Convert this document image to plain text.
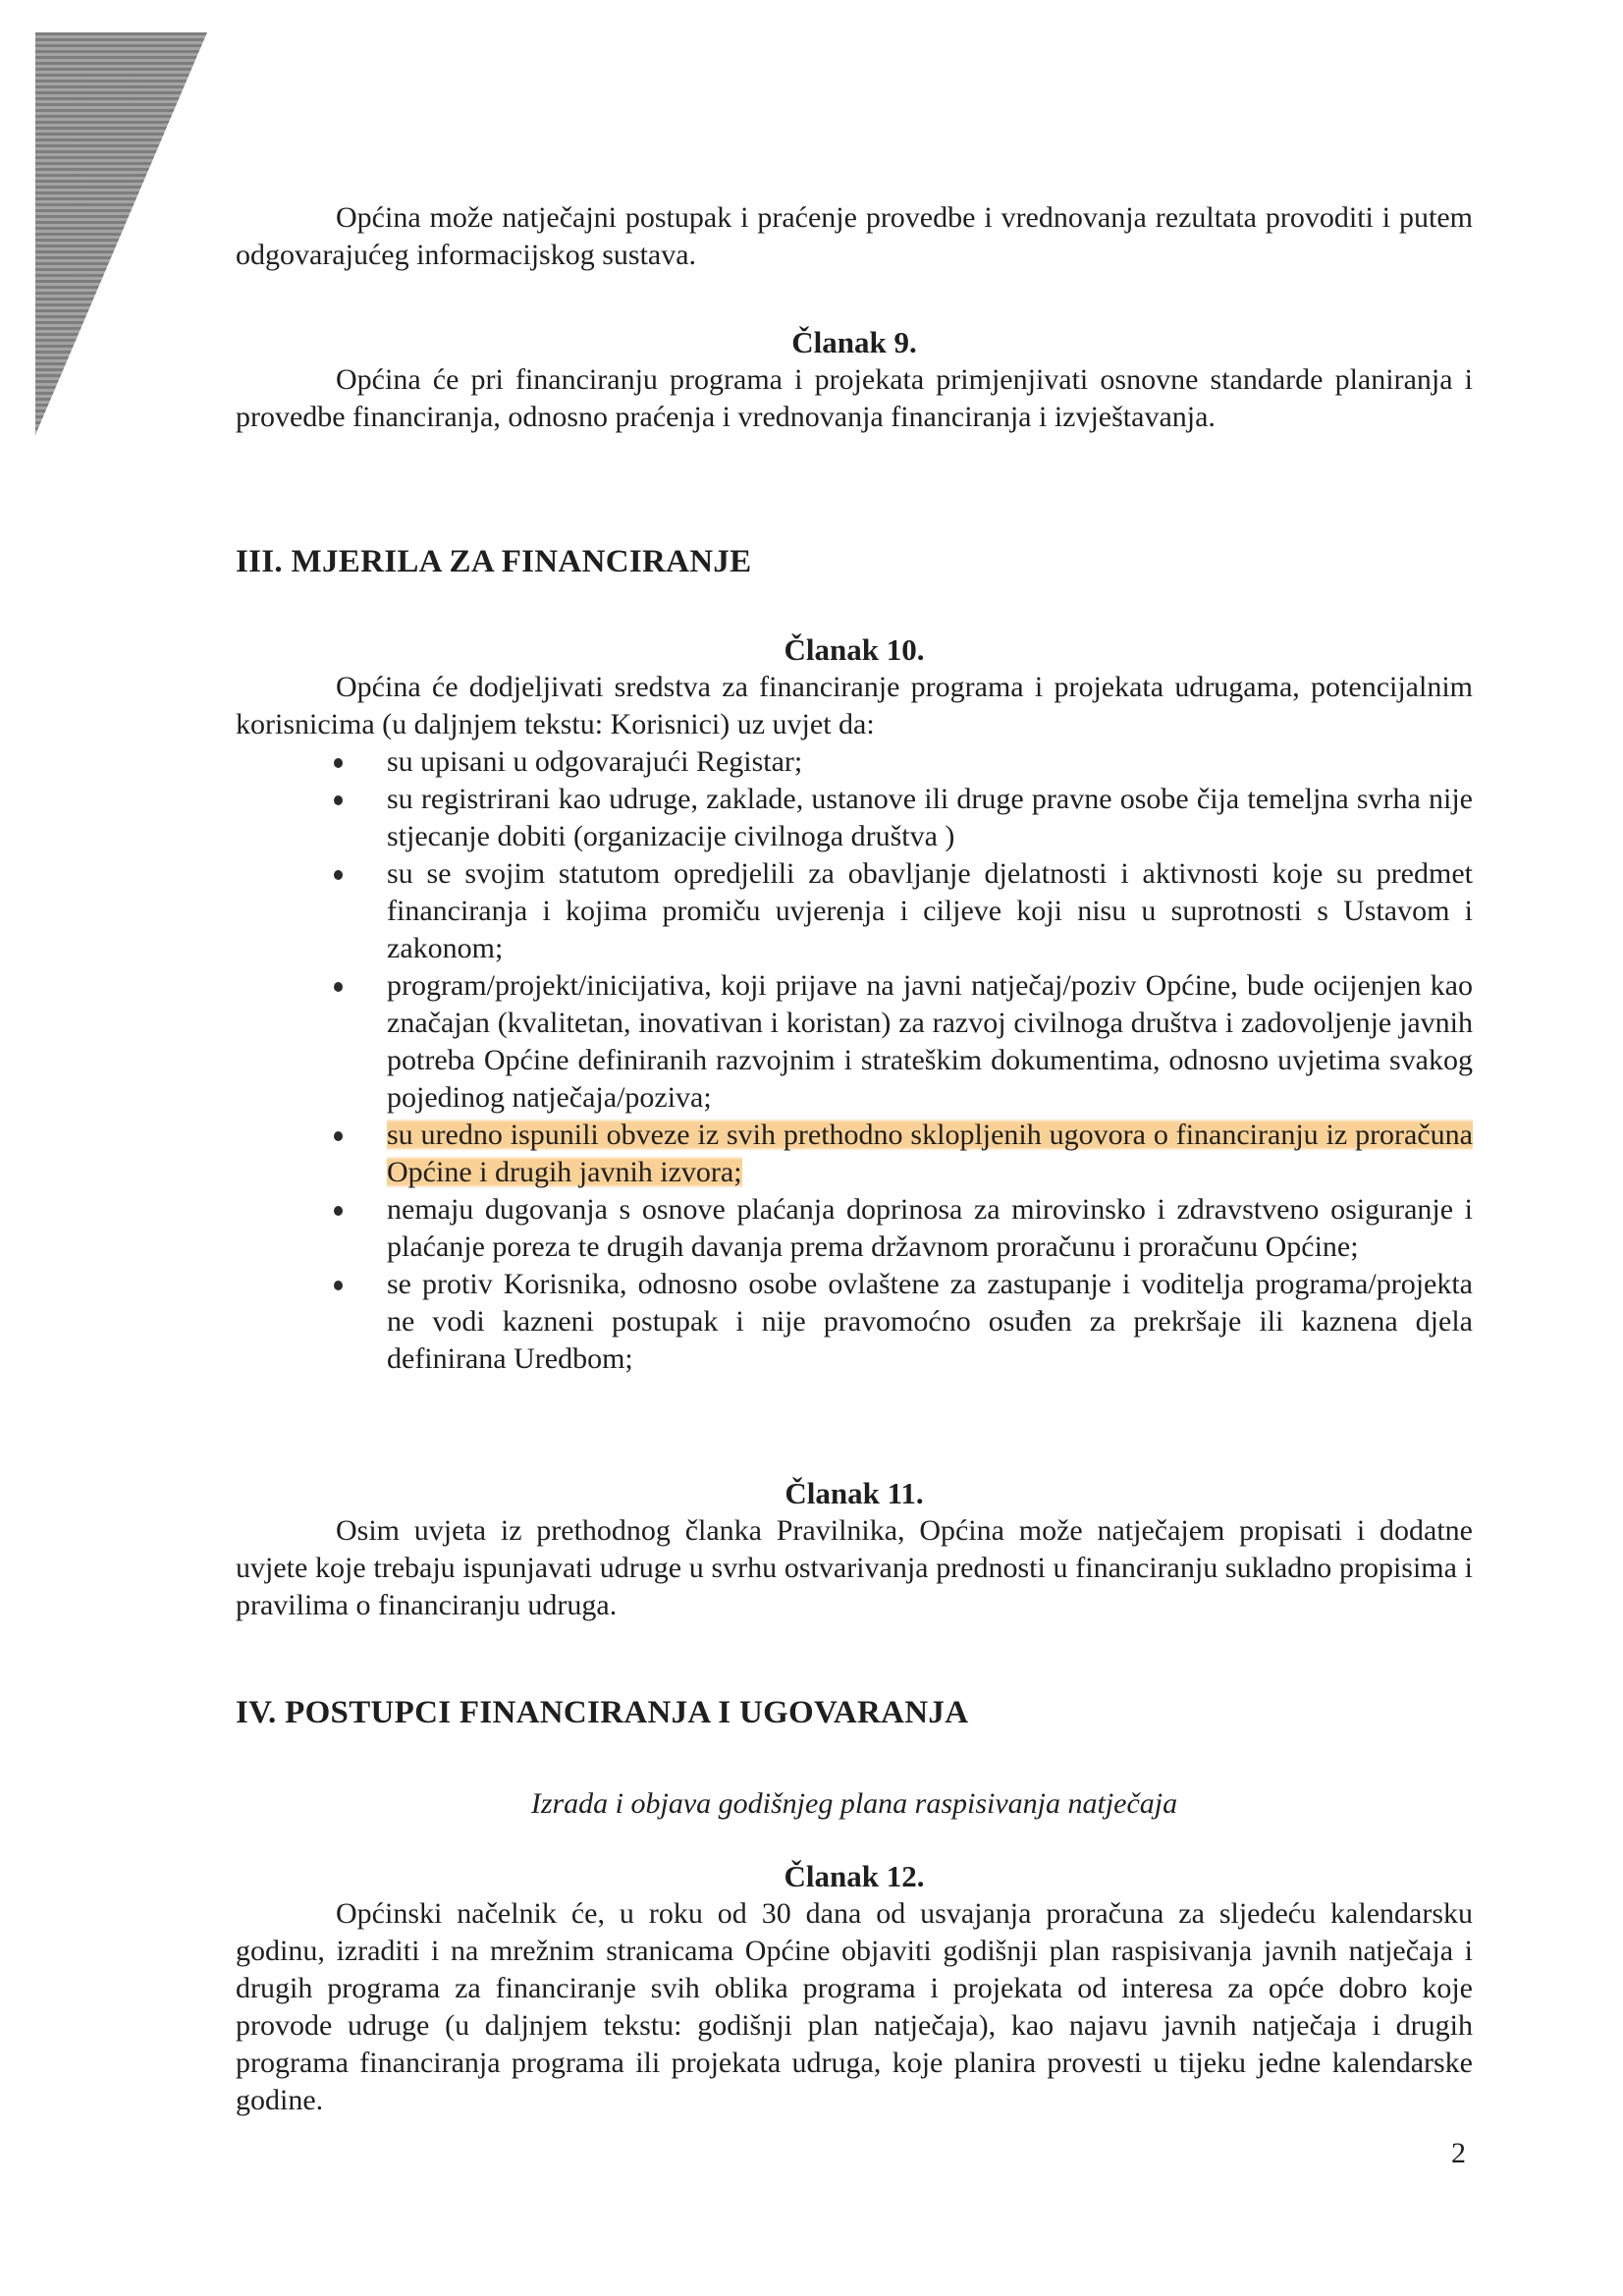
Općina može natječajni postupak i praćenje provedbe i vrednovanja rezultata provoditi i putem odgovarajućeg informacijskog sustava.
Članak 9.
Općina će pri financiranju programa i projekata primjenjivati osnovne standarde planiranja i provedbe financiranja, odnosno praćenja i vrednovanja financiranja i izvještavanja.
III. MJERILA ZA FINANCIRANJE
Članak 10.
Općina će dodjeljivati sredstva za financiranje programa i projekata udrugama, potencijalnim korisnicima (u daljnjem tekstu: Korisnici) uz uvjet da:
su upisani u odgovarajući Registar;
su registrirani kao udruge, zaklade, ustanove ili druge pravne osobe čija temeljna svrha nije stjecanje dobiti (organizacije civilnoga društva )
su se svojim statutom opredjelili za obavljanje djelatnosti i aktivnosti koje su predmet financiranja i kojima promiču uvjerenja i ciljeve koji nisu u suprotnosti s Ustavom i zakonom;
program/projekt/inicijativa, koji prijave na javni natječaj/poziv Općine, bude ocijenjen kao značajan (kvalitetan, inovativan i koristan) za razvoj civilnoga društva i zadovoljenje javnih potreba Općine definiranih razvojnim i strateškim dokumentima, odnosno uvjetima svakog pojedinog natječaja/poziva;
su uredno ispunili obveze iz svih prethodno sklopljenih ugovora o financiranju iz proračuna Općine i drugih javnih izvora;
nemaju dugovanja s osnove plaćanja doprinosa za mirovinsko i zdravstveno osiguranje i plaćanje poreza te drugih davanja prema državnom proračunu i proračunu Općine;
se protiv Korisnika, odnosno osobe ovlaštene za zastupanje i voditelja programa/projekta ne vodi kazneni postupak i nije pravomoćno osuđen za prekršaje ili kaznena djela definirana Uredbom;
Članak 11.
Osim uvjeta iz prethodnog članka Pravilnika, Općina može natječajem propisati i dodatne uvjete koje trebaju ispunjavati udruge u svrhu ostvarivanja prednosti u financiranju sukladno propisima i pravilima o financiranju udruga.
IV. POSTUPCI FINANCIRANJA I UGOVARANJA
Izrada i objava godišnjeg plana raspisivanja natječaja
Članak 12.
Općinski načelnik će, u roku od 30 dana od usvajanja proračuna za sljedeću kalendarsku godinu, izraditi i na mrežnim stranicama Općine objaviti godišnji plan raspisivanja javnih natječaja i drugih programa za financiranje svih oblika programa i projekata od interesa za opće dobro koje provode udruge (u daljnjem tekstu: godišnji plan natječaja), kao najavu javnih natječaja i drugih programa financiranja programa ili projekata udruga, koje planira provesti u tijeku jedne kalendarske godine.
2
